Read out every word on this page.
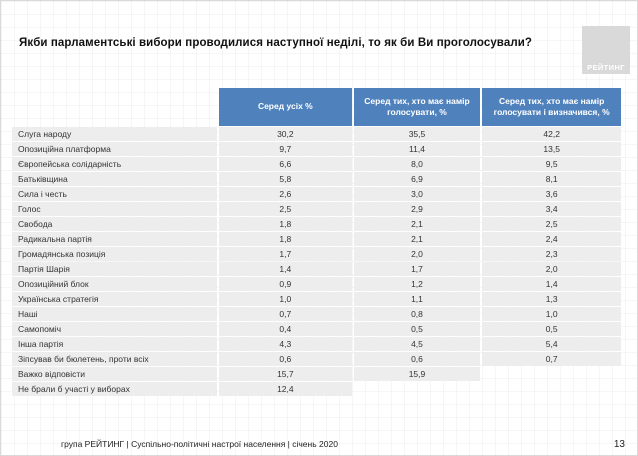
Якби парламентські вибори проводилися наступної неділі, то як би Ви проголосували?
РЕЙТИНГ
	Серед усіх %	Серед тих, хто має намір голосувати, %	Серед тих, хто має намір голосувати і визначився, %
Слуга народу	30,2	35,5	42,2
Опозиційна платформа	9,7	11,4	13,5
Європейська солідарність	6,6	8,0	9,5
Батьківщина	5,8	6,9	8,1
Сила і честь	2,6	3,0	3,6
Голос	2,5	2,9	3,4
Свобода	1,8	2,1	2,5
Радикальна партія	1,8	2,1	2,4
Громадянська позиція	1,7	2,0	2,3
Партія Шарія	1,4	1,7	2,0
Опозиційний блок	0,9	1,2	1,4
Українська стратегія	1,0	1,1	1,3
Наші	0,7	0,8	1,0
Самопоміч	0,4	0,5	0,5
Інша партія	4,3	4,5	5,4
Зіпсував би бюлетень, проти всіх	0,6	0,6	0,7
Важко відповісти	15,7	15,9	
Не брали б участі у виборах	12,4		
група РЕЙТИНГ | Суспільно-політичні настрої населення | січень 2020	13
